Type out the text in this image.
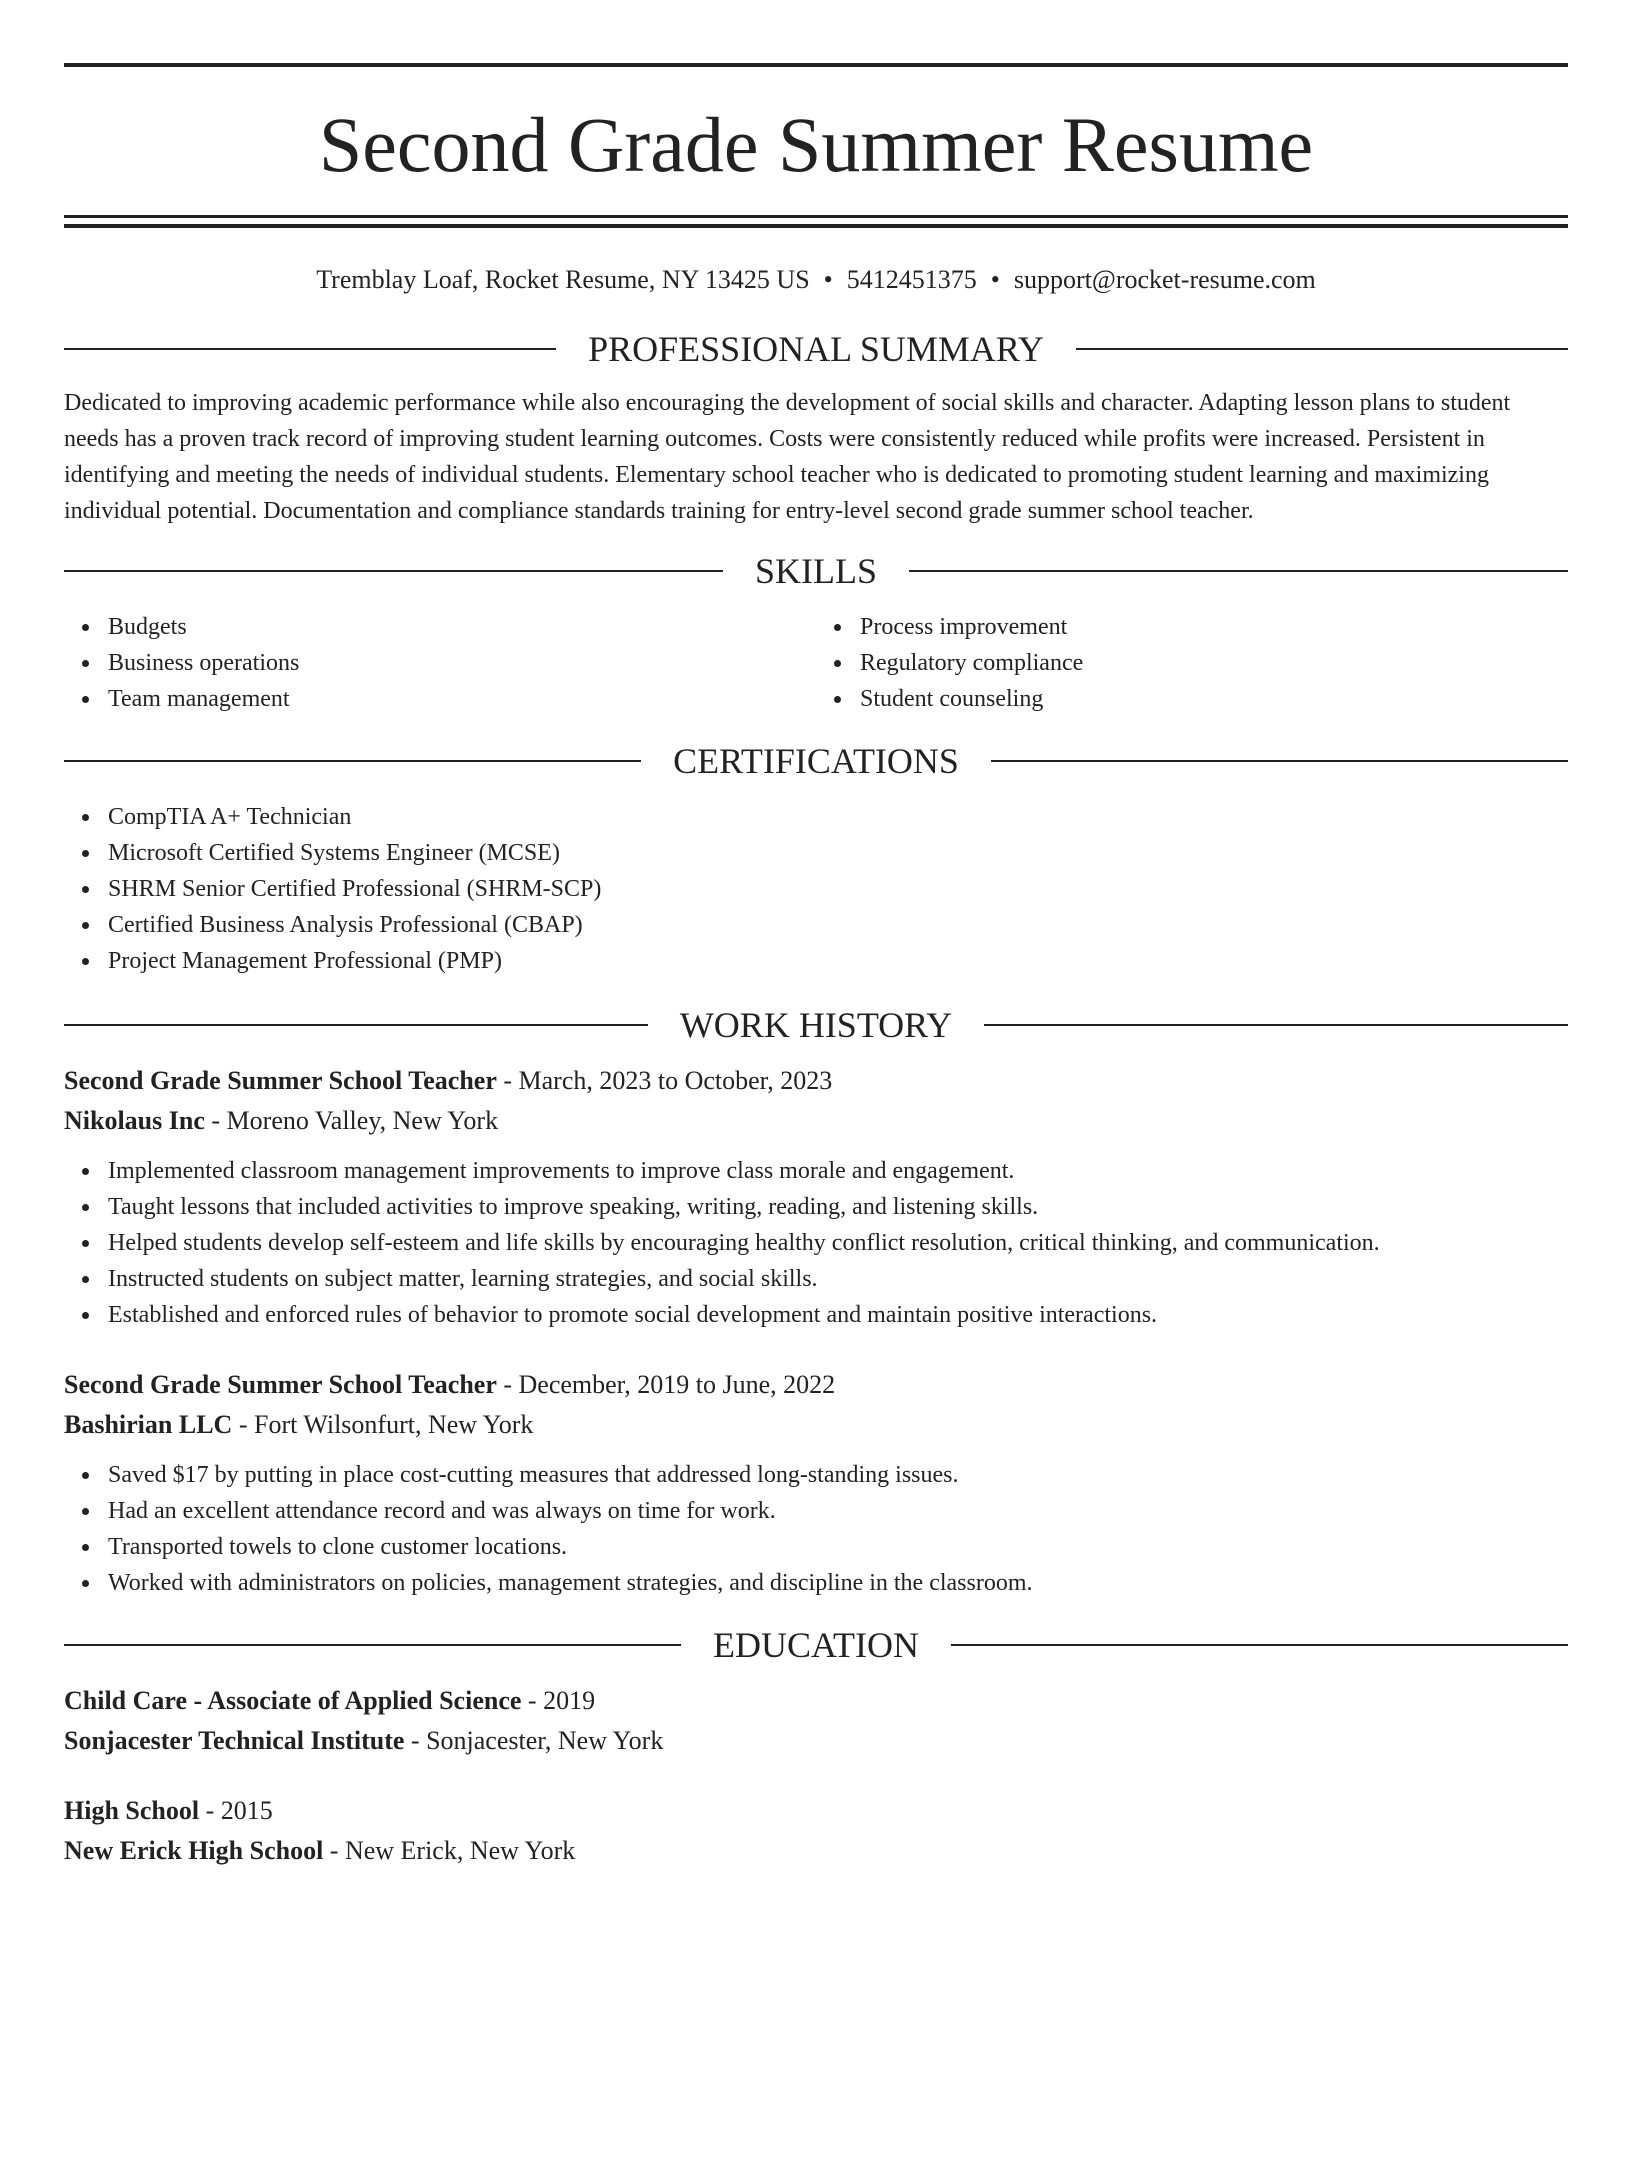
Second Grade Summer Resume
Tremblay Loaf, Rocket Resume, NY 13425 US • 5412451375 • support@rocket-resume.com
PROFESSIONAL SUMMARY

Dedicated to improving academic performance while also encouraging the development of social skills and character. Adapting lesson plans to student needs has a proven track record of improving student learning outcomes. Costs were consistently reduced while profits were increased. Persistent in identifying and meeting the needs of individual students. Elementary school teacher who is dedicated to promoting student learning and maximizing individual potential. Documentation and compliance standards training for entry-level second grade summer school teacher.

SKILLS
Budgets
Business operations
Team management
Process improvement
Regulatory compliance
Student counseling
CERTIFICATIONS
CompTIA A+ Technician
Microsoft Certified Systems Engineer (MCSE)
SHRM Senior Certified Professional (SHRM-SCP)
Certified Business Analysis Professional (CBAP)
Project Management Professional (PMP)
WORK HISTORY
Second Grade Summer School Teacher - March, 2023 to October, 2023
Nikolaus Inc - Moreno Valley, New York
Implemented classroom management improvements to improve class morale and engagement.
Taught lessons that included activities to improve speaking, writing, reading, and listening skills.
Helped students develop self-esteem and life skills by encouraging healthy conflict resolution, critical thinking, and communication.
Instructed students on subject matter, learning strategies, and social skills.
Established and enforced rules of behavior to promote social development and maintain positive interactions.
Second Grade Summer School Teacher - December, 2019 to June, 2022
Bashirian LLC - Fort Wilsonfurt, New York
Saved $17 by putting in place cost-cutting measures that addressed long-standing issues.
Had an excellent attendance record and was always on time for work.
Transported towels to clone customer locations.
Worked with administrators on policies, management strategies, and discipline in the classroom.
EDUCATION
Child Care - Associate of Applied Science - 2019
Sonjacester Technical Institute - Sonjacester, New York
High School - 2015
New Erick High School - New Erick, New York
